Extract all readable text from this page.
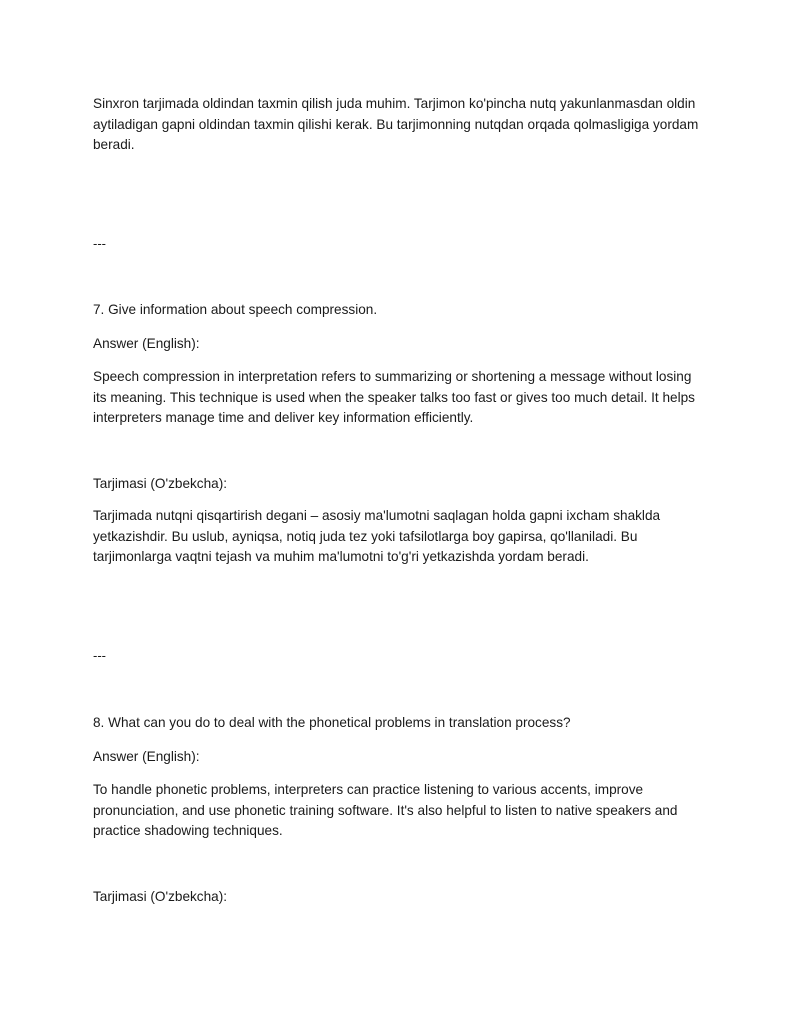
Sinxron tarjimada oldindan taxmin qilish juda muhim. Tarjimon ko'pincha nutq yakunlanmasdan oldin aytiladigan gapni oldindan taxmin qilishi kerak. Bu tarjimonning nutqdan orqada qolmasligiga yordam beradi.

---

7. Give information about speech compression.

Answer (English):

Speech compression in interpretation refers to summarizing or shortening a message without losing its meaning. This technique is used when the speaker talks too fast or gives too much detail. It helps interpreters manage time and deliver key information efficiently.

Tarjimasi (O'zbekcha):

Tarjimada nutqni qisqartirish degani – asosiy ma'lumotni saqlagan holda gapni ixcham shaklda yetkazishdir. Bu uslub, ayniqsa, notiq juda tez yoki tafsilotlarga boy gapirsa, qo'llaniladi. Bu tarjimonlarga vaqtni tejash va muhim ma'lumotni to'g'ri yetkazishda yordam beradi.

---

8. What can you do to deal with the phonetical problems in translation process?

Answer (English):

To handle phonetic problems, interpreters can practice listening to various accents, improve pronunciation, and use phonetic training software. It's also helpful to listen to native speakers and practice shadowing techniques.

Tarjimasi (O'zbekcha):
